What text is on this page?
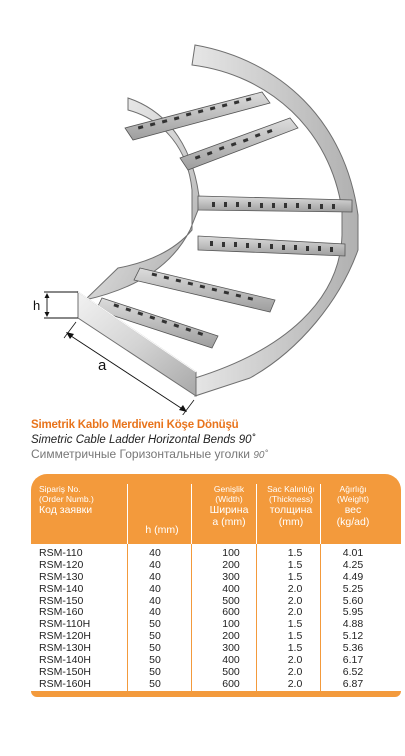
h
a
Simetrik Kablo Merdiveni Köşe Dönüşü
Simetric Cable Ladder Horizontal Bends 90˚
Симметричные Горизонтальные уголки 90˚
Sipariş No.
(Order Numb.)
Код заявки
h (mm)
Genişlik
(Width)
Ширина
a (mm)
Sac Kalınlığı
(Thickness)
толщина
(mm)
Ağırlığı
(Weight)
вес
(kg/ad)
RSM-110	40	100	1.5	4.01
RSM-120	40	200	1.5	4.25
RSM-130	40	300	1.5	4.49
RSM-140	40	400	2.0	5.25
RSM-150	40	500	2.0	5.60
RSM-160	40	600	2.0	5.95
RSM-110H	50	100	1.5	4.88
RSM-120H	50	200	1.5	5.12
RSM-130H	50	300	1.5	5.36
RSM-140H	50	400	2.0	6.17
RSM-150H	50	500	2.0	6.52
RSM-160H	50	600	2.0	6.87
